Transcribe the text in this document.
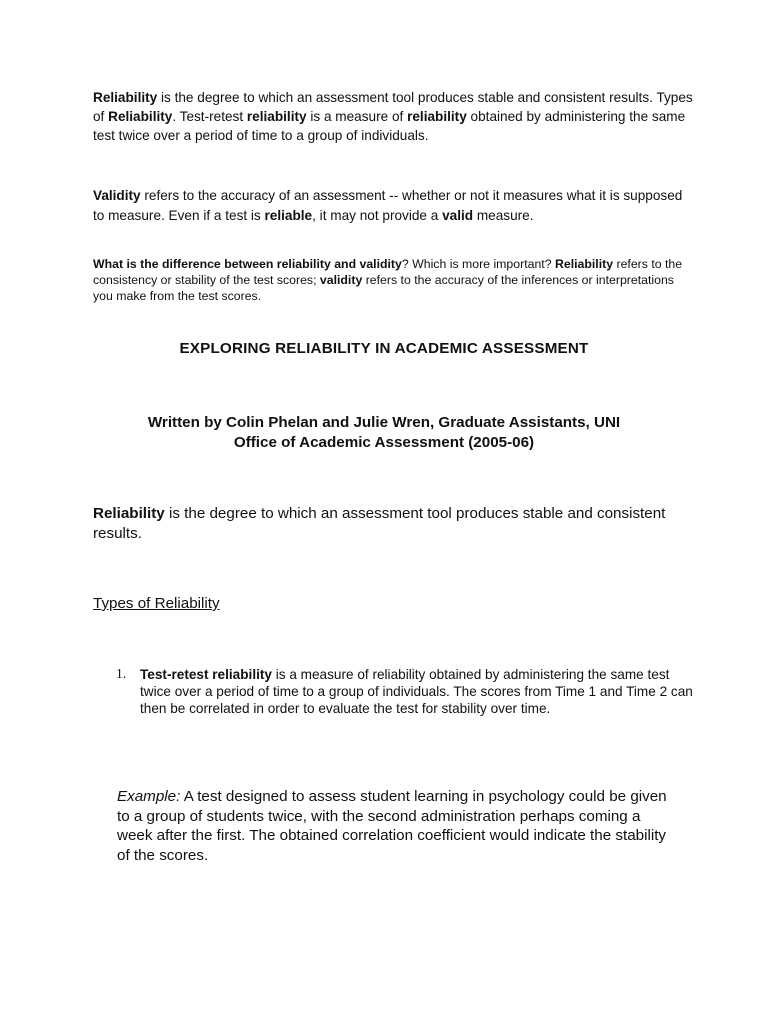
Reliability is the degree to which an assessment tool produces stable and consistent results. Types of Reliability. Test-retest reliability is a measure of reliability obtained by administering the same test twice over a period of time to a group of individuals.

Validity refers to the accuracy of an assessment -- whether or not it measures what it is supposed to measure. Even if a test is reliable, it may not provide a valid measure.

What is the difference between reliability and validity? Which is more important? Reliability refers to the consistency or stability of the test scores; validity refers to the accuracy of the inferences or interpretations you make from the test scores.

EXPLORING RELIABILITY IN ACADEMIC ASSESSMENT
Written by Colin Phelan and Julie Wren, Graduate Assistants, UNI
Office of Academic Assessment (2005-06)

Reliability is the degree to which an assessment tool produces stable and consistent results.

Types of Reliability
1. Test-retest reliability is a measure of reliability obtained by administering the same test twice over a period of time to a group of individuals. The scores from Time 1 and Time 2 can then be correlated in order to evaluate the test for stability over time.

Example: A test designed to assess student learning in psychology could be given to a group of students twice, with the second administration perhaps coming a week after the first. The obtained correlation coefficient would indicate the stability of the scores.
